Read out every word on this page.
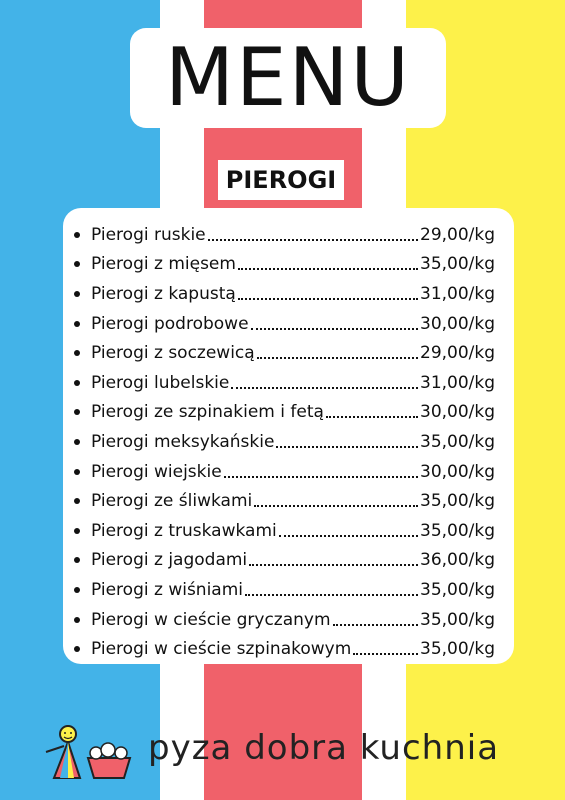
MENU
PIEROGI
Pierogi ruskie	29,00/kg
Pierogi z mięsem	35,00/kg
Pierogi z kapustą	31,00/kg
Pierogi podrobowe	30,00/kg
Pierogi z soczewicą	29,00/kg
Pierogi lubelskie	31,00/kg
Pierogi ze szpinakiem i fetą	30,00/kg
Pierogi meksykańskie	35,00/kg
Pierogi wiejskie	30,00/kg
Pierogi ze śliwkami	35,00/kg
Pierogi z truskawkami	35,00/kg
Pierogi z jagodami	36,00/kg
Pierogi z wiśniami	35,00/kg
Pierogi w cieście gryczanym	35,00/kg
Pierogi w cieście szpinakowym	35,00/kg
pyza dobra kuchnia
